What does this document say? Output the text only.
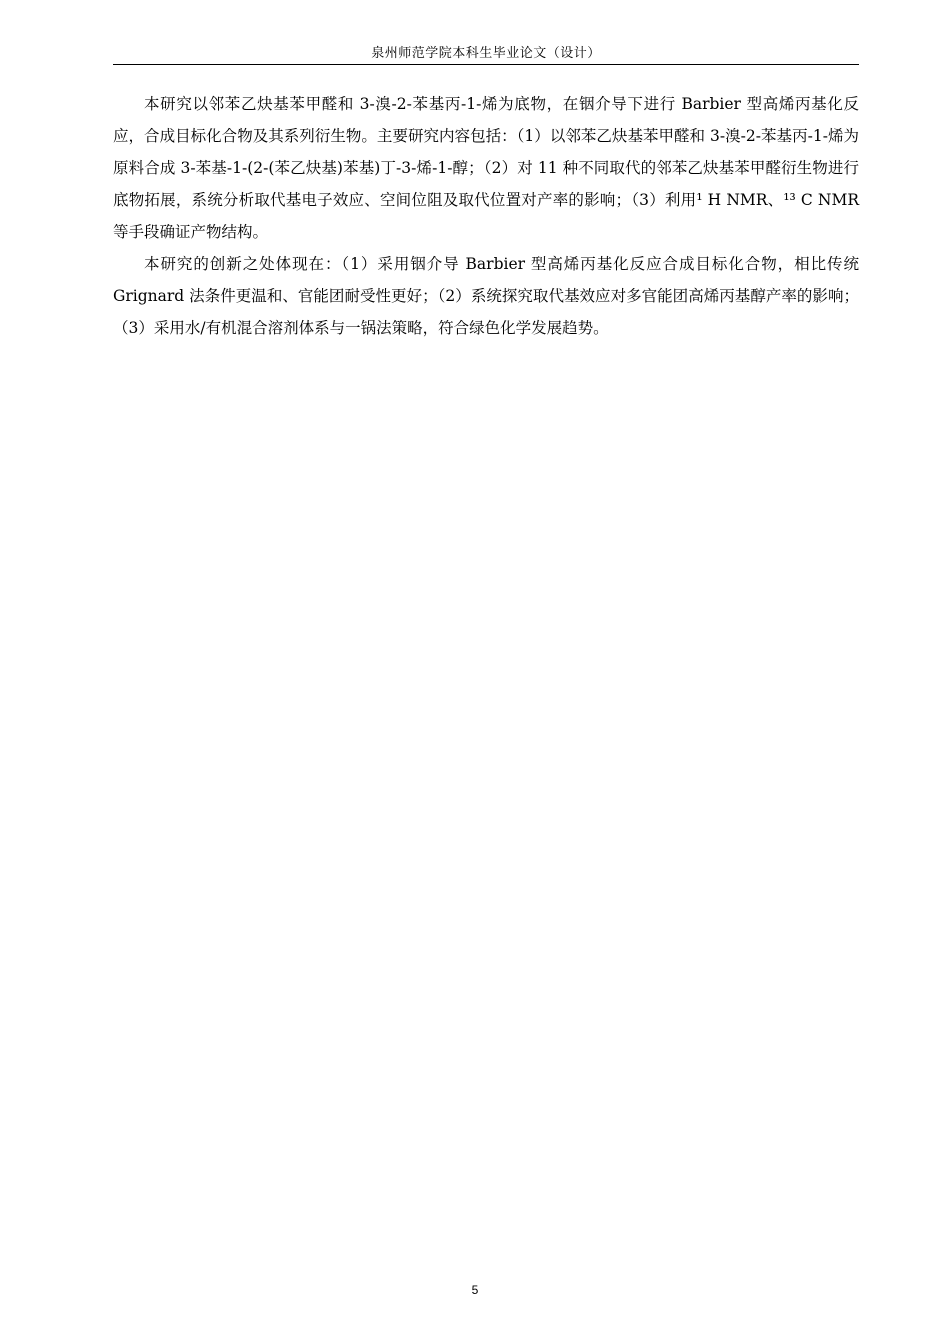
泉州师范学院本科生毕业论文（设计）

本研究以邻苯乙炔基苯甲醛和 3-溴-2-苯基丙-1-烯为底物，在铟介导下进行 Barbier 型高烯丙基化反应，合成目标化合物及其系列衍生物。主要研究内容包括：（1）以邻苯乙炔基苯甲醛和 3-溴-2-苯基丙-1-烯为原料合成 3-苯基-1-(2-(苯乙炔基)苯基)丁-3-烯-1-醇；（2）对 11 种不同取代的邻苯乙炔基苯甲醛衍生物进行底物拓展，系统分析取代基电子效应、空间位阻及取代位置对产率的影响；（3）利用¹ H NMR、¹³ C NMR 等手段确证产物结构。

本研究的创新之处体现在：（1）采用铟介导 Barbier 型高烯丙基化反应合成目标化合物，相比传统 Grignard 法条件更温和、官能团耐受性更好；（2）系统探究取代基效应对多官能团高烯丙基醇产率的影响；（3）采用水/有机混合溶剂体系与一锅法策略，符合绿色化学发展趋势。

5
